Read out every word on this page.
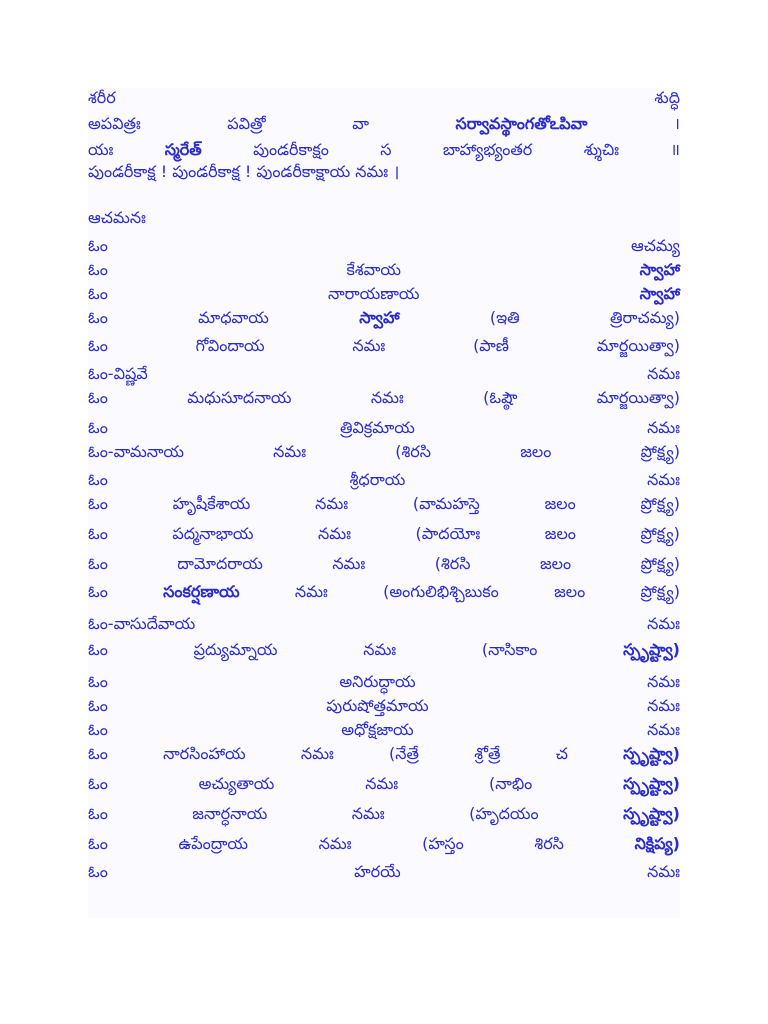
శరీర	శుద్ధి
అపవిత్రః	పవిత్రో	వా	సర్వావస్థాంగతోఽపివా	।
యః	స్మరేత్	పుండరీకాక్షం	స	బాహ్యాభ్యంతర	శ్శుచిః	॥
పుండరీకాక్ష ! పుండరీకాక్ష ! పుండరీకాక్షాయ నమః ।
ఆచమనః
ఓం	ఆచమ్య
ఓం	కేశవాయ	స్వాహా
ఓం	నారాయణాయ	స్వాహా
ఓం	మాధవాయ	స్వాహా	(ఇతి	త్రిరాచమ్య)
ఓం	గోవిందాయ	నమః	(పాణీ	మార్జయిత్వా)
ఓం-విష్ణవే	నమః
ఓం	మధుసూదనాయ	నమః	(ఓష్ఠౌ	మార్జయిత్వా)
ఓం	త్రివిక్రమాయ	నమః
ఓం-వామనాయ	నమః	(శిరసి	జలం	ప్రోక్ష్య)
ఓం	శ్రీధరాయ	నమః
ఓం	హృషీకేశాయ	నమః	(వామహస్తె	జలం	ప్రోక్ష్య)
ఓం	పద్మనాభాయ	నమః	(పాదయోః	జలం	ప్రోక్ష్య)
ఓం	దామోదరాయ	నమః	(శిరసి	జలం	ప్రోక్ష్య)
ఓం	సంకర్షణాయ	నమః	(అంగులిభిశ్చిబుకం	జలం	ప్రోక్ష్య)
ఓం-వాసుదేవాయ	నమః
ఓం	ప్రద్యుమ్నాయ	నమః	(నాసికాం	స్పృష్ట్వా)
ఓం	అనిరుద్ధాయ	నమః
ఓం	పురుషోత్తమాయ	నమః
ఓం	అధోక్షజాయ	నమః
ఓం	నారసింహాయ	నమః	(నేత్రే	శ్రోత్రే	చ	స్పృష్ట్వా)
ఓం	అచ్యుతాయ	నమః	(నాభిం	స్పృష్ట్వా)
ఓం	జనార్ధనాయ	నమః	(హృదయం	స్పృష్ట్వా)
ఓం	ఉపేంద్రాయ	నమః	(హస్తం	శిరసి	నిక్షిప్య)
ఓం	హరయే	నమః
